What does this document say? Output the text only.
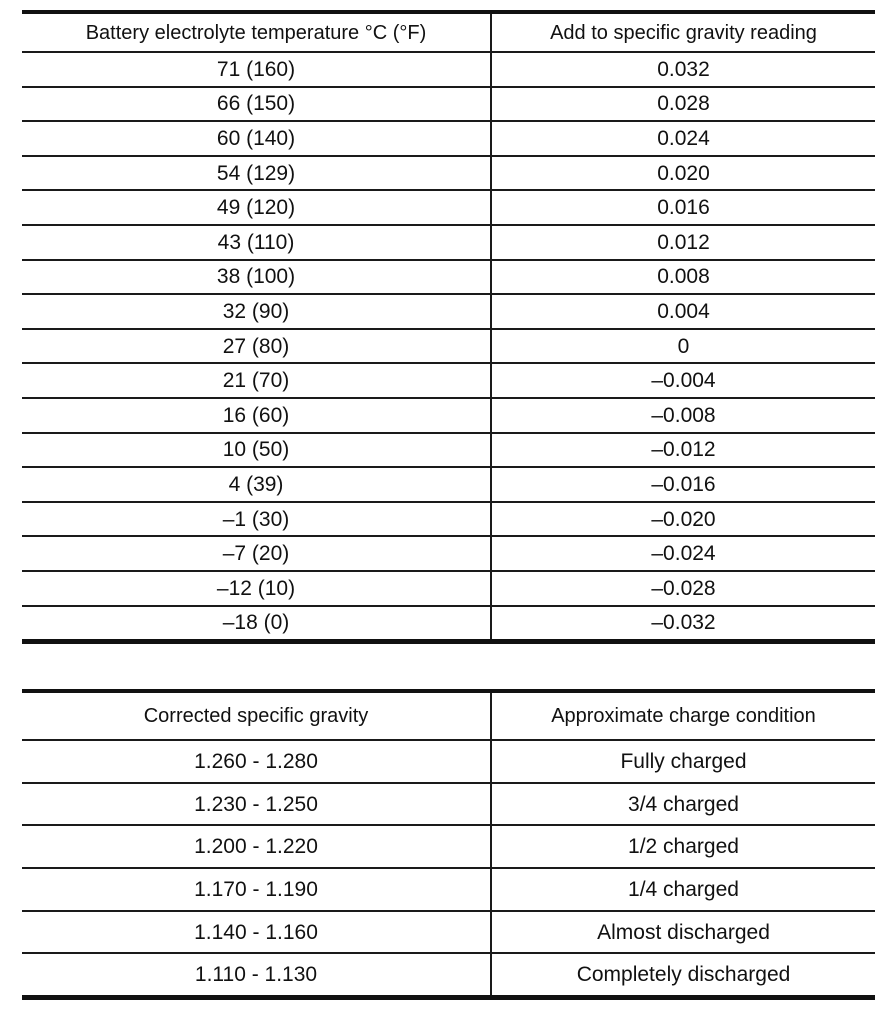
Battery electrolyte temperature °C (°F)	Add to specific gravity reading
71 (160)	0.032
66 (150)	0.028
60 (140)	0.024
54 (129)	0.020
49 (120)	0.016
43 (110)	0.012
38 (100)	0.008
32 (90)	0.004
27 (80)	0
21 (70)	–0.004
16 (60)	–0.008
10 (50)	–0.012
4 (39)	–0.016
–1 (30)	–0.020
–7 (20)	–0.024
–12 (10)	–0.028
–18 (0)	–0.032
Corrected specific gravity	Approximate charge condition
1.260 - 1.280	Fully charged
1.230 - 1.250	3/4 charged
1.200 - 1.220	1/2 charged
1.170 - 1.190	1/4 charged
1.140 - 1.160	Almost discharged
1.110 - 1.130	Completely discharged
